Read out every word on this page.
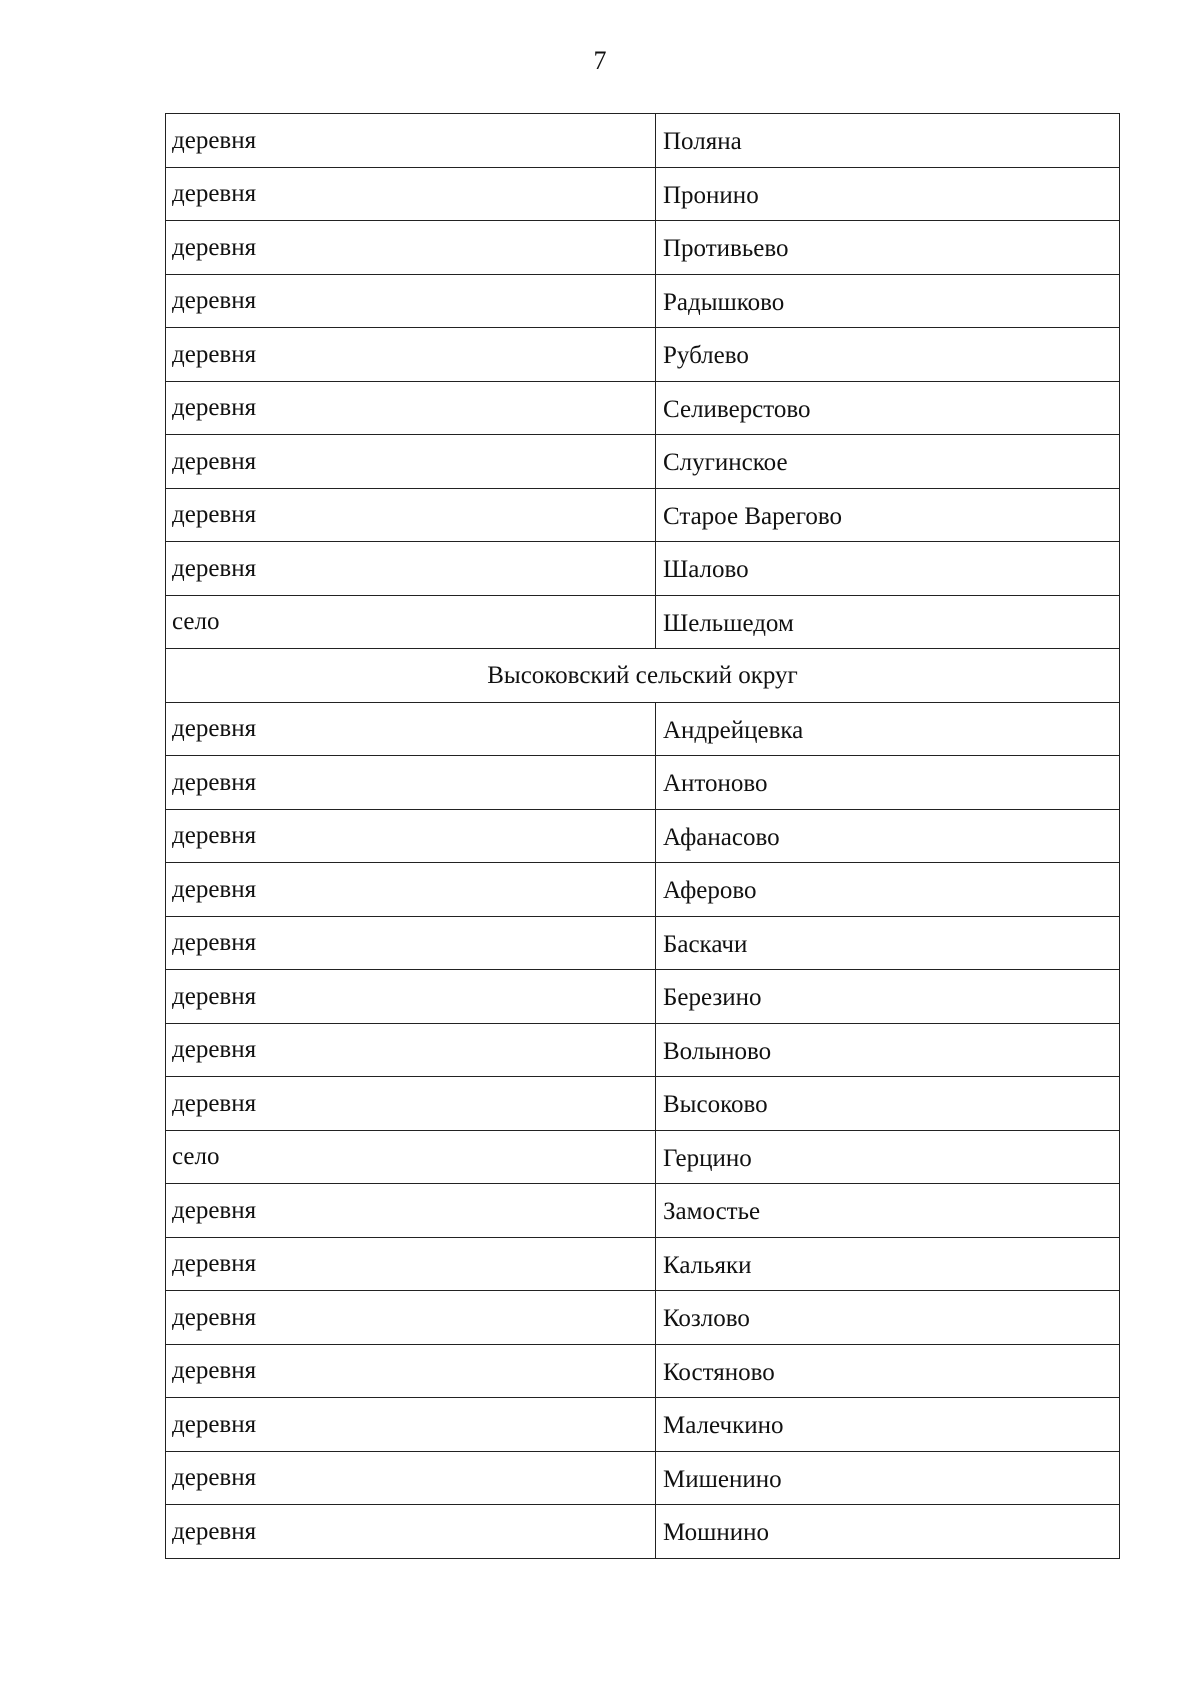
7
деревня	Поляна
деревня	Пронино
деревня	Противьево
деревня	Радышково
деревня	Рублево
деревня	Селиверстово
деревня	Слугинское
деревня	Старое Варегово
деревня	Шалово
село	Шельшедом
Высоковский сельский округ	
деревня	Андрейцевка
деревня	Антоново
деревня	Афанасово
деревня	Аферово
деревня	Баскачи
деревня	Березино
деревня	Волыново
деревня	Высоково
село	Герцино
деревня	Замостье
деревня	Кальяки
деревня	Козлово
деревня	Костяново
деревня	Малечкино
деревня	Мишенино
деревня	Мошнино
